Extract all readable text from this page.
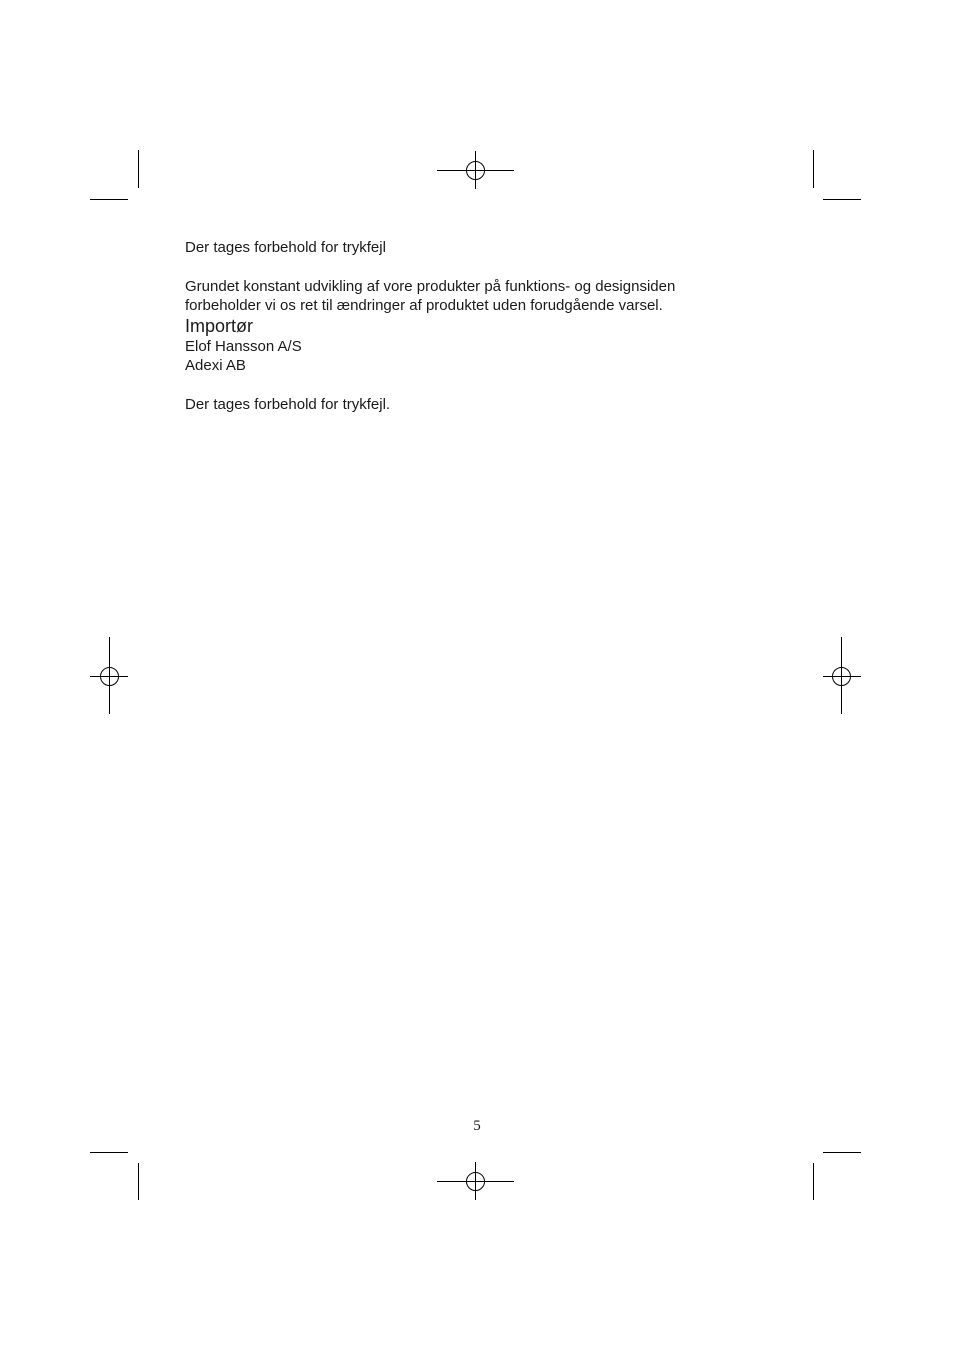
Der tages forbehold for trykfejl

Grundet konstant udvikling af vore produkter på funktions- og designsiden

forbeholder vi os ret til ændringer af produktet uden forudgående varsel.

Importør

Elof Hansson A/S

Adexi AB

Der tages forbehold for trykfejl.

5
